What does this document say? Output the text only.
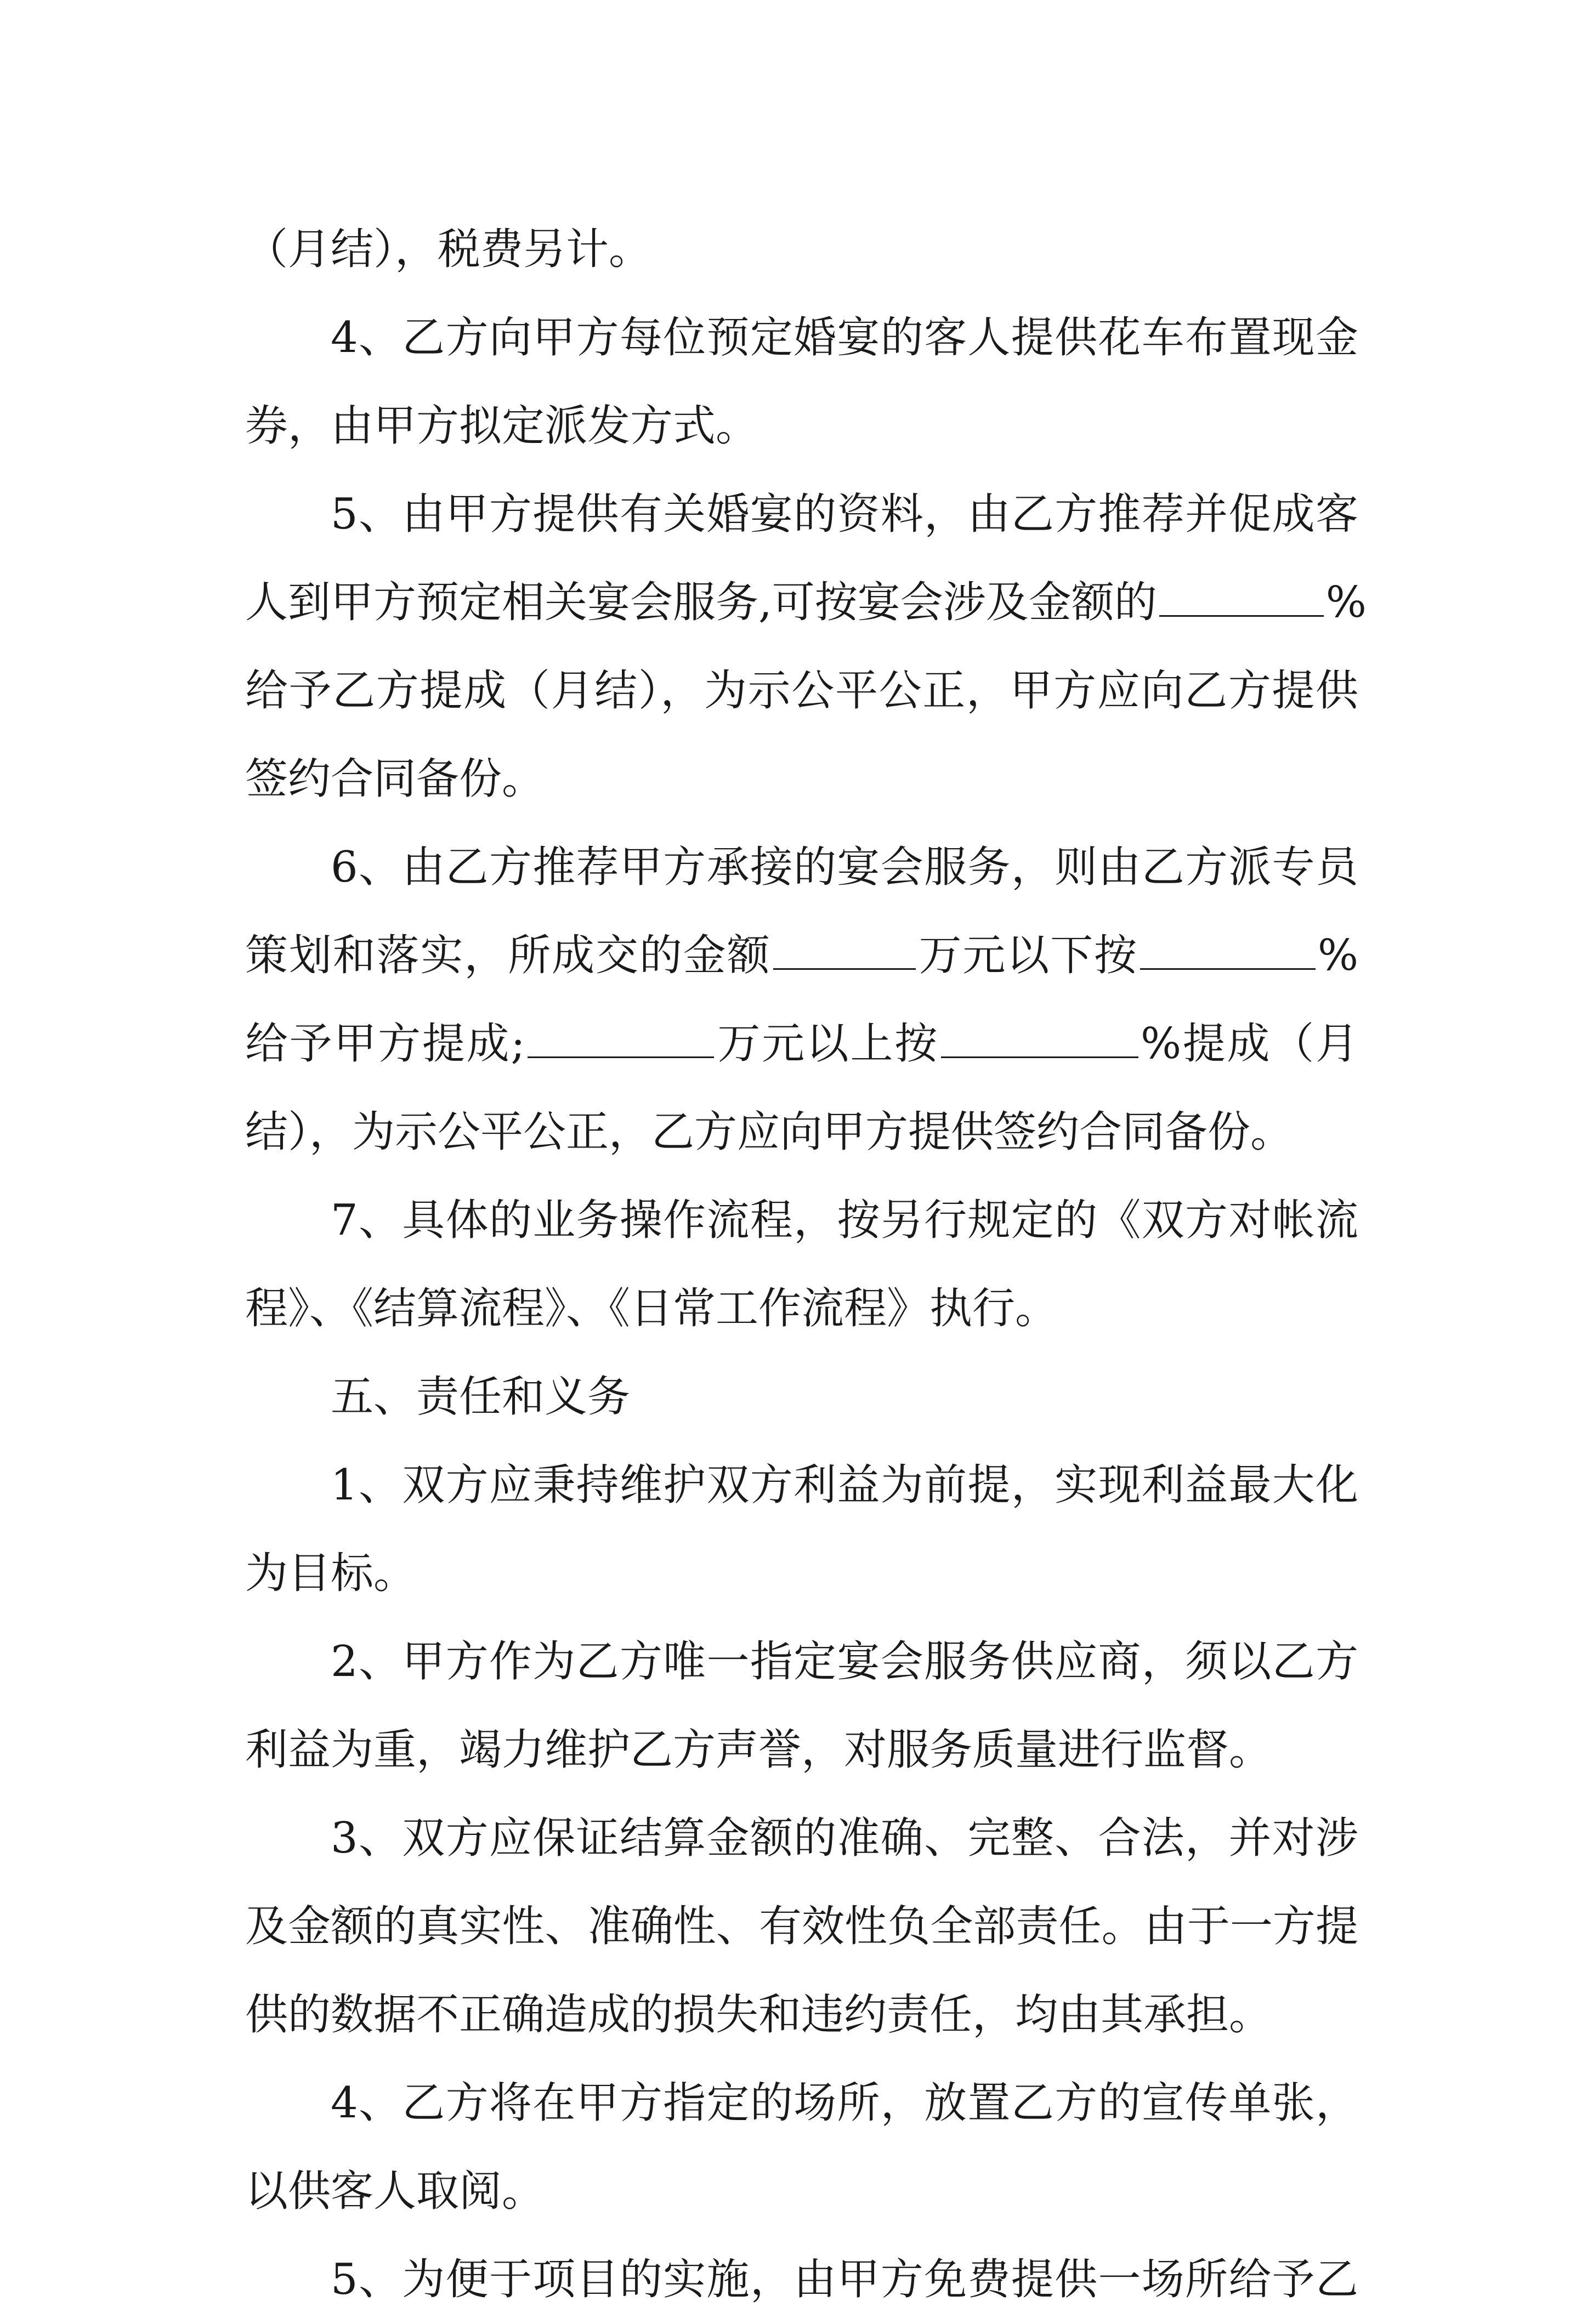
（月结），税费另计。
4、乙方向甲方每位预定婚宴的客人提供花车布置现金
券，由甲方拟定派发方式。
5、由甲方提供有关婚宴的资料，由乙方推荐并促成客
人到甲方预定相关宴会服务,可按宴会涉及金额的	%
给予乙方提成（月结），为示公平公正，甲方应向乙方提供
签约合同备份。
6、由乙方推荐甲方承接的宴会服务，则由乙方派专员
策划和落实，所成交的金额	万元以下按	%
给予甲方提成;	万元以上按	%提成（月
结），为示公平公正，乙方应向甲方提供签约合同备份。
7、具体的业务操作流程，按另行规定的《双方对帐流
程》、《结算流程》、《日常工作流程》执行。
五、责任和义务
1、双方应秉持维护双方利益为前提，实现利益最大化
为目标。
2、甲方作为乙方唯一指定宴会服务供应商，须以乙方
利益为重，竭力维护乙方声誉，对服务质量进行监督。
3、双方应保证结算金额的准确、完整、合法，并对涉
及金额的真实性、准确性、有效性负全部责任。由于一方提
供的数据不正确造成的损失和违约责任，均由其承担。
4、乙方将在甲方指定的场所，放置乙方的宣传单张，
以供客人取阅。
5、为便于项目的实施，由甲方免费提供一场所给予乙
